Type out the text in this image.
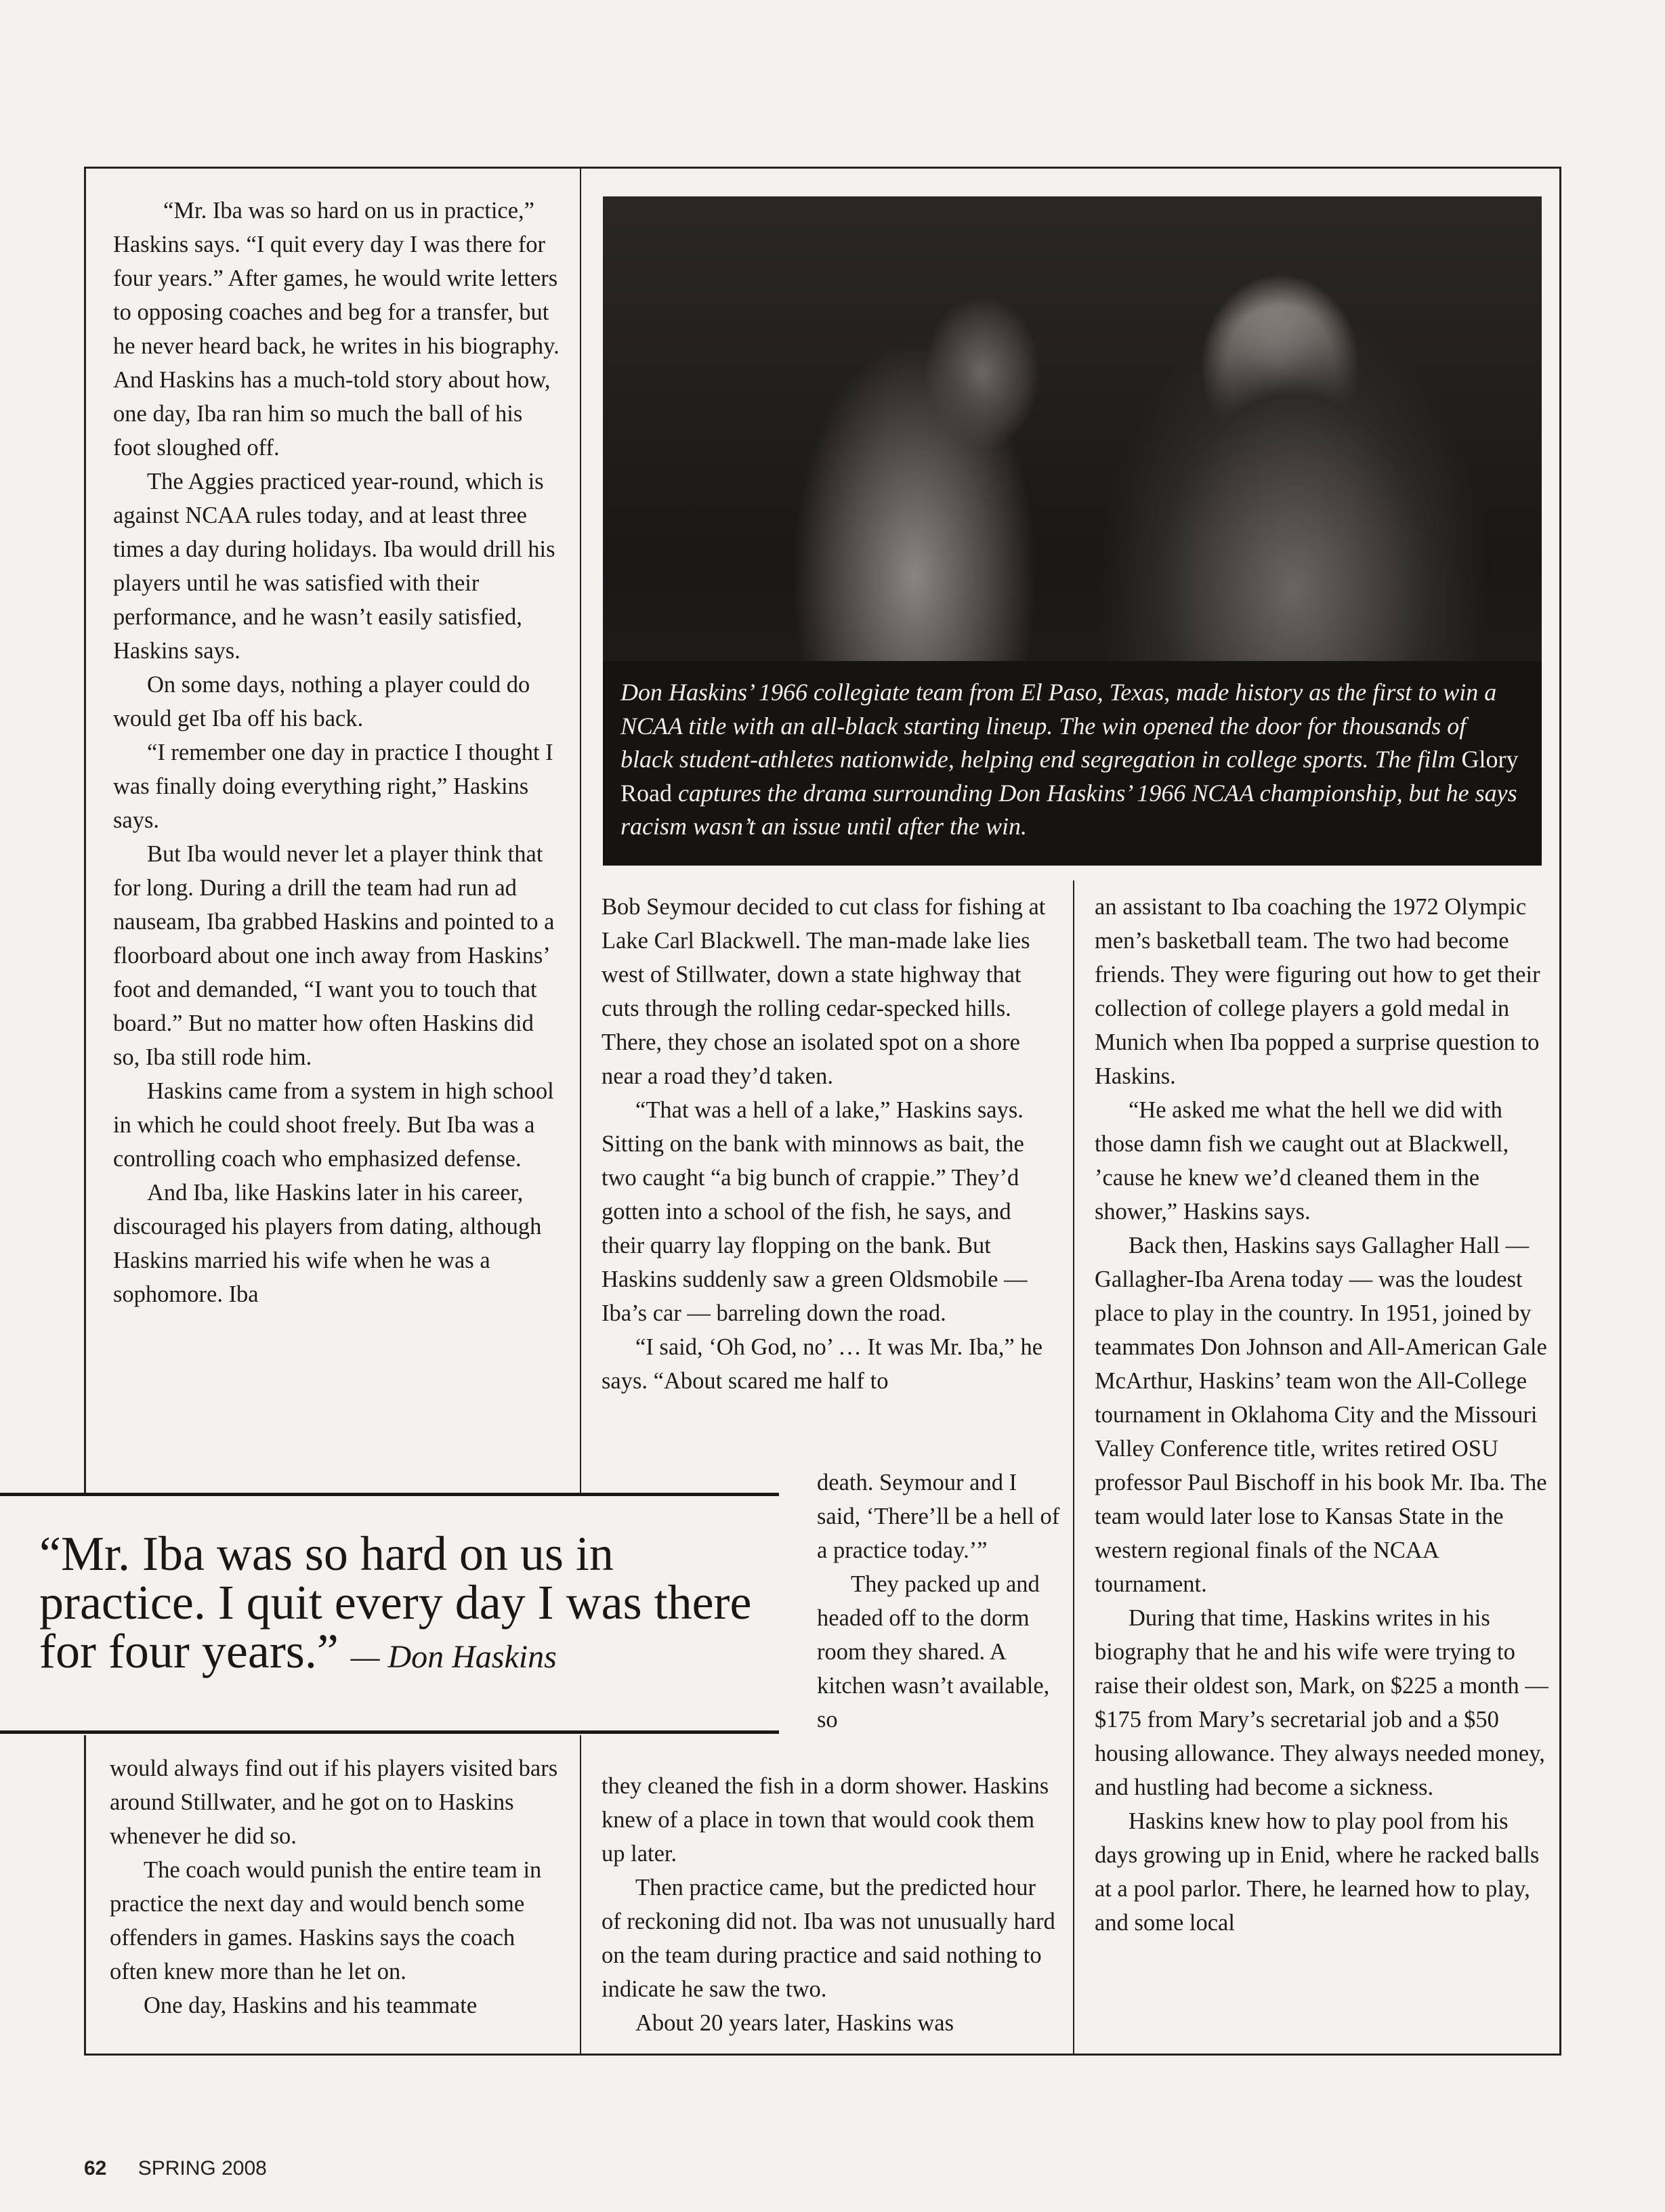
“Mr. Iba was so hard on us in practice,” Haskins says. “I quit every day I was there for four years.” After games, he would write letters to opposing coaches and beg for a transfer, but he never heard back, he writes in his biography. And Haskins has a much-told story about how, one day, Iba ran him so much the ball of his foot sloughed off.

The Aggies practiced year-round, which is against NCAA rules today, and at least three times a day during holidays. Iba would drill his players until he was satisfied with their performance, and he wasn’t easily satisfied, Haskins says.

On some days, nothing a player could do would get Iba off his back.

“I remember one day in practice I thought I was finally doing everything right,” Haskins says.

But Iba would never let a player think that for long. During a drill the team had run ad nauseam, Iba grabbed Haskins and pointed to a floorboard about one inch away from Haskins’ foot and demanded, “I want you to touch that board.” But no matter how often Haskins did so, Iba still rode him.

Haskins came from a system in high school in which he could shoot freely. But Iba was a controlling coach who emphasized defense.

And Iba, like Haskins later in his career, discouraged his players from dating, although Haskins married his wife when he was a sophomore. Iba

would always find out if his players visited bars around Stillwater, and he got on to Haskins whenever he did so.

The coach would punish the entire team in practice the next day and would bench some offenders in games. Haskins says the coach often knew more than he let on.

One day, Haskins and his teammate

Don Haskins’ 1966 collegiate team from El Paso, Texas, made history as the first to win a NCAA title with an all-black starting lineup. The win opened the door for thousands of black student-athletes nationwide, helping end segregation in college sports. The film Glory Road captures the drama surrounding Don Haskins’ 1966 NCAA championship, but he says racism wasn’t an issue until after the win.

Bob Seymour decided to cut class for fishing at Lake Carl Blackwell. The man-made lake lies west of Stillwater, down a state highway that cuts through the rolling cedar-specked hills. There, they chose an isolated spot on a shore near a road they’d taken.

“That was a hell of a lake,” Haskins says. Sitting on the bank with minnows as bait, the two caught “a big bunch of crappie.” They’d gotten into a school of the fish, he says, and their quarry lay flopping on the bank. But Haskins suddenly saw a green Oldsmobile — Iba’s car — barreling down the road.

“I said, ‘Oh God, no’ … It was Mr. Iba,” he says. “About scared me half to

death. Seymour and I said, ‘There’ll be a hell of a practice today.’”

They packed up and headed off to the dorm room they shared. A kitchen wasn’t available, so

they cleaned the fish in a dorm shower. Haskins knew of a place in town that would cook them up later.

Then practice came, but the predicted hour of reckoning did not. Iba was not unusually hard on the team during practice and said nothing to indicate he saw the two.

About 20 years later, Haskins was

an assistant to Iba coaching the 1972 Olympic men’s basketball team. The two had become friends. They were figuring out how to get their collection of college players a gold medal in Munich when Iba popped a surprise question to Haskins.

“He asked me what the hell we did with those damn fish we caught out at Blackwell, ’cause he knew we’d cleaned them in the shower,” Haskins says.

Back then, Haskins says Gallagher Hall — Gallagher-Iba Arena today — was the loudest place to play in the country. In 1951, joined by teammates Don Johnson and All-American Gale McArthur, Haskins’ team won the All-College tournament in Oklahoma City and the Missouri Valley Conference title, writes retired OSU professor Paul Bischoff in his book Mr. Iba. The team would later lose to Kansas State in the western regional finals of the NCAA tournament.

During that time, Haskins writes in his biography that he and his wife were trying to raise their oldest son, Mark, on $225 a month — $175 from Mary’s secretarial job and a $50 housing allowance. They always needed money, and hustling had become a sickness.

Haskins knew how to play pool from his days growing up in Enid, where he racked balls at a pool parlor. There, he learned how to play, and some local

“Mr. Iba was so hard on us in practice. I quit every day I was there for four years.” — Don Haskins
62 SPRING 2008
